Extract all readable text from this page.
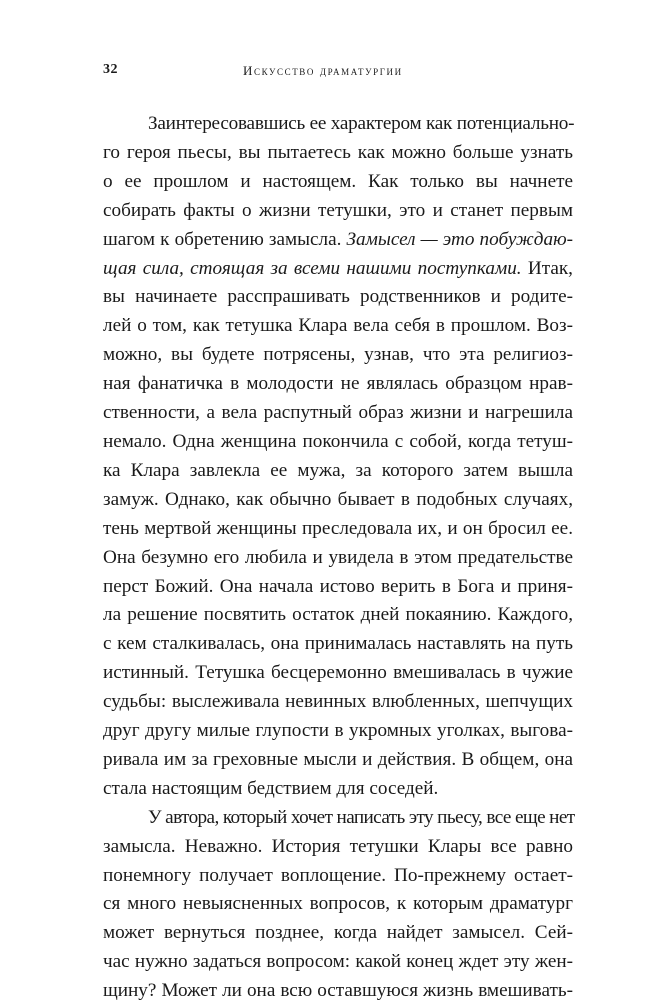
32	Искусство драматургии
Заинтересовавшись ее характером как потенциально-
го героя пьесы, вы пытаетесь как можно больше узнать
о ее прошлом и настоящем. Как только вы начнете
собирать факты о жизни тетушки, это и станет первым
шагом к обретению замысла. Замысел — это побуждаю-
щая сила, стоящая за всеми нашими поступками. Итак,
вы начинаете расспрашивать родственников и родите-
лей о том, как тетушка Клара вела себя в прошлом. Воз-
можно, вы будете потрясены, узнав, что эта религиоз-
ная фанатичка в молодости не являлась образцом нрав-
ственности, а вела распутный образ жизни и нагрешила
немало. Одна женщина покончила с собой, когда тетуш-
ка Клара завлекла ее мужа, за которого затем вышла
замуж. Однако, как обычно бывает в подобных случаях,
тень мертвой женщины преследовала их, и он бросил ее.
Она безумно его любила и увидела в этом предательстве
перст Божий. Она начала истово верить в Бога и приня-
ла решение посвятить остаток дней покаянию. Каждого,
с кем сталкивалась, она принималась наставлять на путь
истинный. Тетушка бесцеремонно вмешивалась в чужие
судьбы: выслеживала невинных влюбленных, шепчущих
друг другу милые глупости в укромных уголках, выгова-
ривала им за греховные мысли и действия. В общем, она
стала настоящим бедствием для соседей.
У автора, который хочет написать эту пьесу, все еще нет
замысла. Неважно. История тетушки Клары все равно
понемногу получает воплощение. По-прежнему остает-
ся много невыясненных вопросов, к которым драматург
может вернуться позднее, когда найдет замысел. Сей-
час нужно задаться вопросом: какой конец ждет эту жен-
щину? Может ли она всю оставшуюся жизнь вмешивать-
